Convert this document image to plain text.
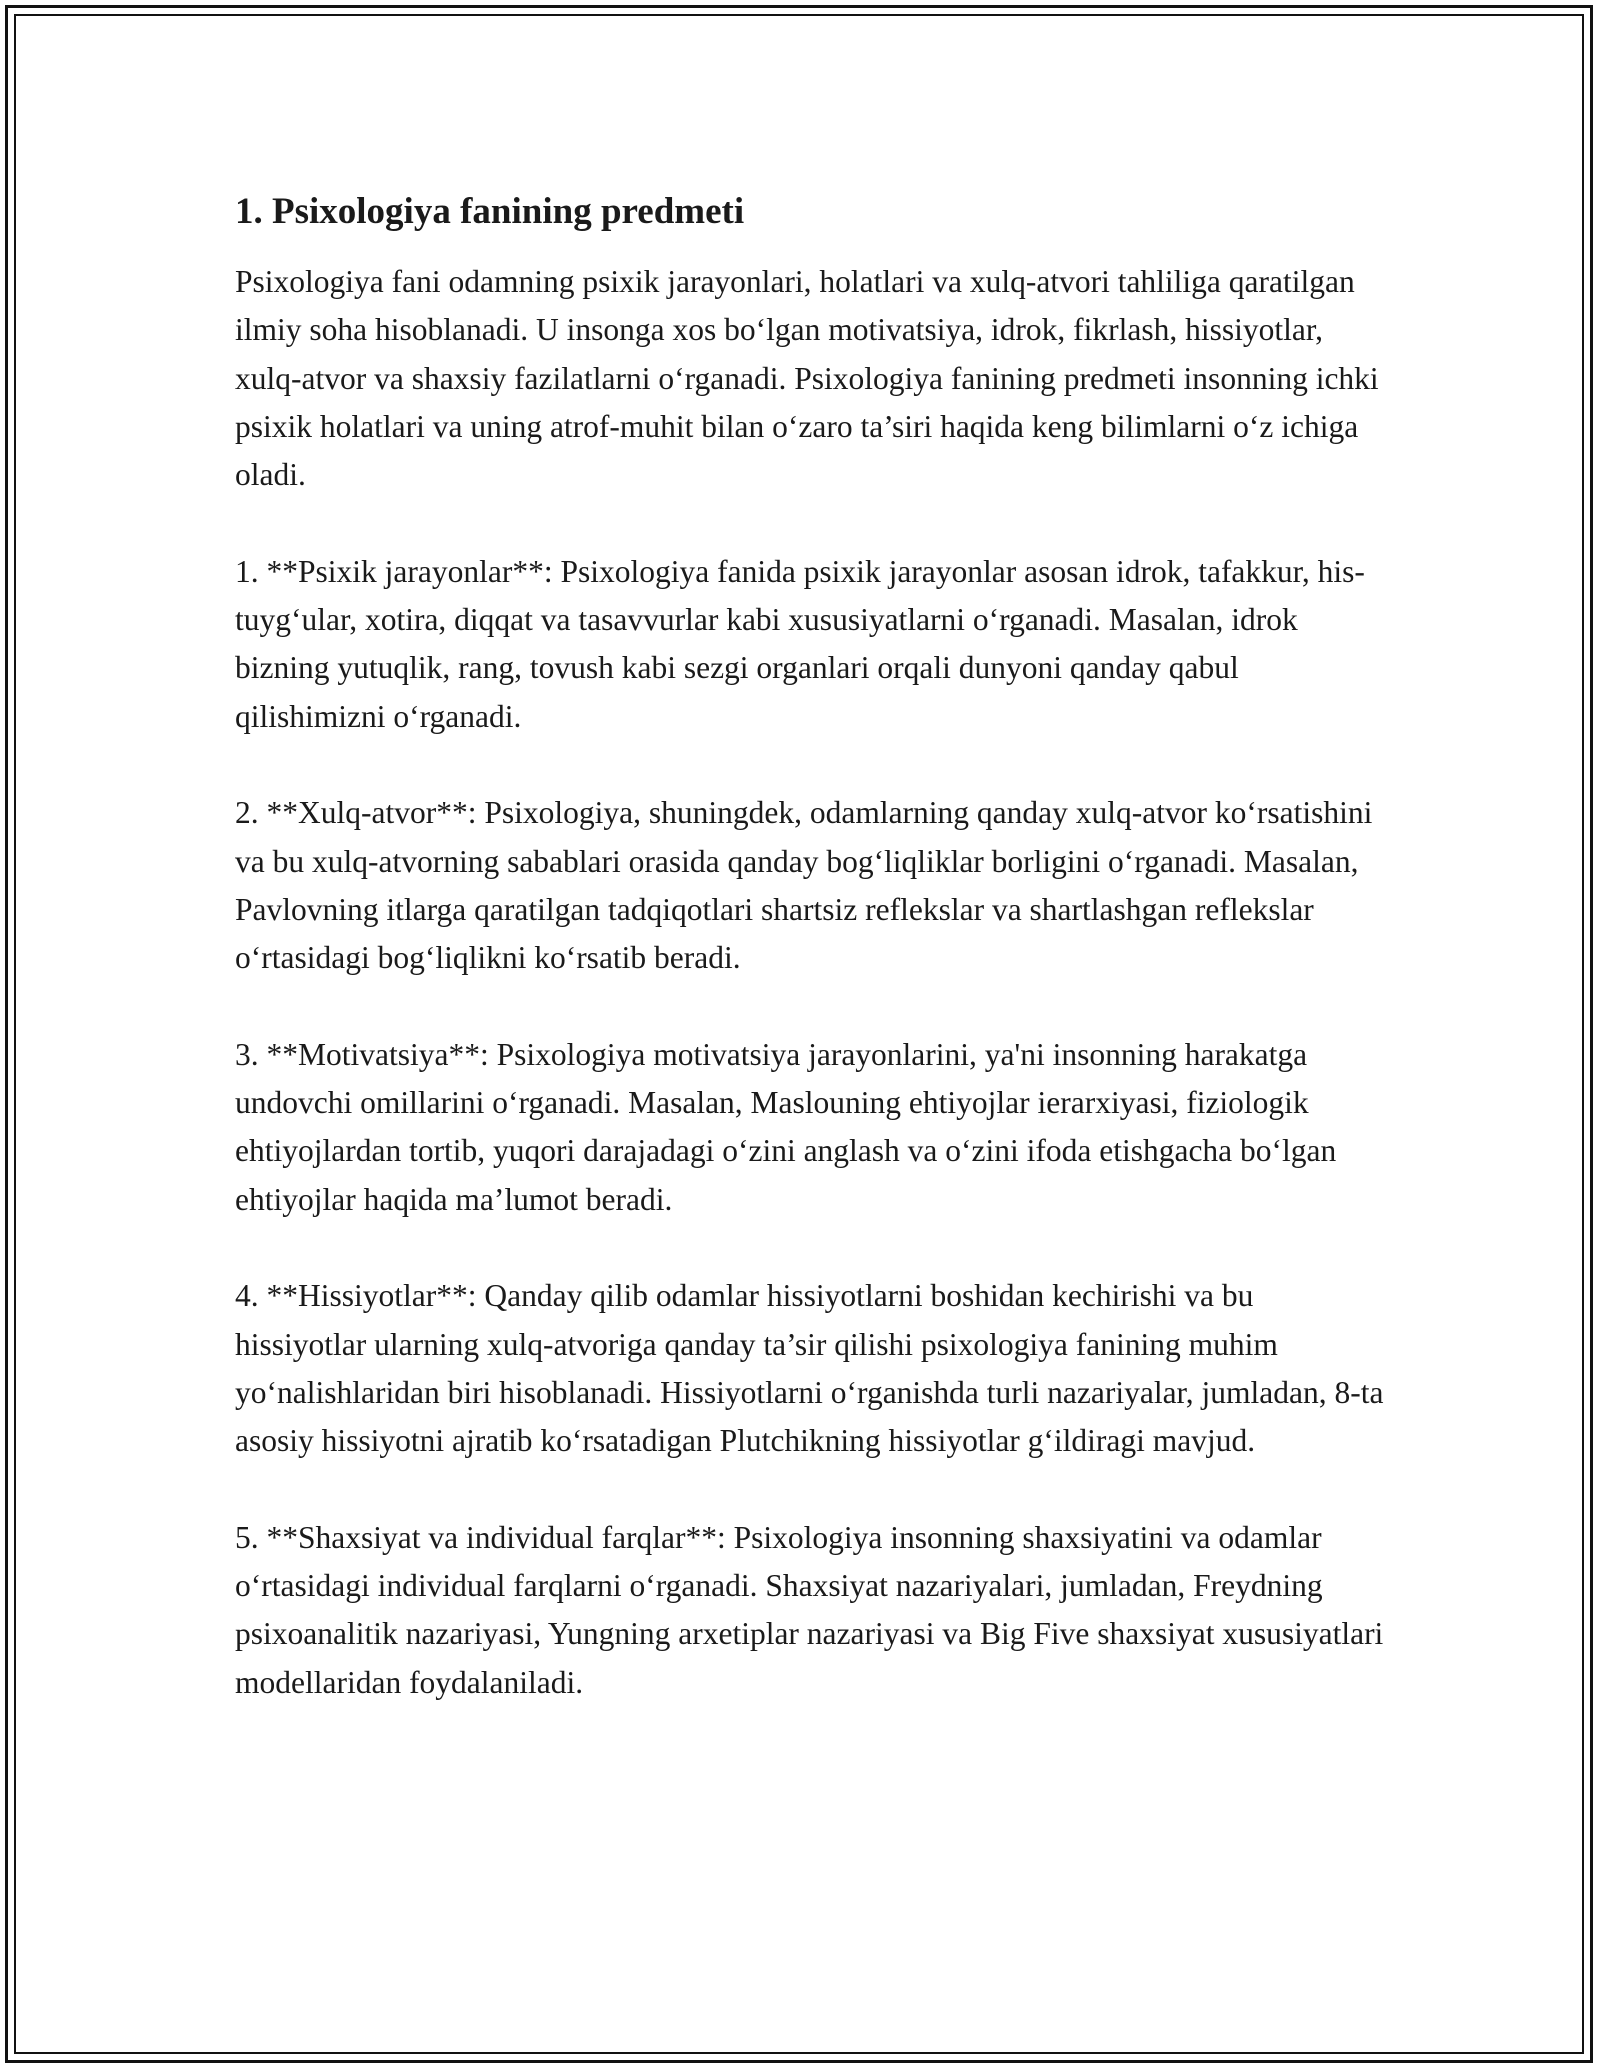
1. Psixologiya fanining predmeti

Psixologiya fani odamning psixik jarayonlari, holatlari va xulq-atvori tahliliga qaratilgan ilmiy soha hisoblanadi. U insonga xos bo‘lgan motivatsiya, idrok, fikrlash, hissiyotlar, xulq-atvor va shaxsiy fazilatlarni o‘rganadi. Psixologiya fanining predmeti insonning ichki psixik holatlari va uning atrof-muhit bilan o‘zaro ta’siri haqida keng bilimlarni o‘z ichiga oladi.

1. **Psixik jarayonlar**: Psixologiya fanida psixik jarayonlar asosan idrok, tafakkur, his-tuyg‘ular, xotira, diqqat va tasavvurlar kabi xususiyatlarni o‘rganadi. Masalan, idrok bizning yutuqlik, rang, tovush kabi sezgi organlari orqali dunyoni qanday qabul qilishimizni o‘rganadi.

2. **Xulq-atvor**: Psixologiya, shuningdek, odamlarning qanday xulq-atvor ko‘rsatishini va bu xulq-atvorning sabablari orasida qanday bog‘liqliklar borligini o‘rganadi. Masalan, Pavlovning itlarga qaratilgan tadqiqotlari shartsiz reflekslar va shartlashgan reflekslar o‘rtasidagi bog‘liqlikni ko‘rsatib beradi.

3. **Motivatsiya**: Psixologiya motivatsiya jarayonlarini, ya'ni insonning harakatga undovchi omillarini o‘rganadi. Masalan, Maslouning ehtiyojlar ierarxiyasi, fiziologik ehtiyojlardan tortib, yuqori darajadagi o‘zini anglash va o‘zini ifoda etishgacha bo‘lgan ehtiyojlar haqida ma’lumot beradi.

4. **Hissiyotlar**: Qanday qilib odamlar hissiyotlarni boshidan kechirishi va bu hissiyotlar ularning xulq-atvoriga qanday ta’sir qilishi psixologiya fanining muhim yo‘nalishlaridan biri hisoblanadi. Hissiyotlarni o‘rganishda turli nazariyalar, jumladan, 8-ta asosiy hissiyotni ajratib ko‘rsatadigan Plutchikning hissiyotlar g‘ildiragi mavjud.

5. **Shaxsiyat va individual farqlar**: Psixologiya insonning shaxsiyatini va odamlar o‘rtasidagi individual farqlarni o‘rganadi. Shaxsiyat nazariyalari, jumladan, Freydning psixoanalitik nazariyasi, Yungning arxetiplar nazariyasi va Big Five shaxsiyat xususiyatlari modellaridan foydalaniladi.
